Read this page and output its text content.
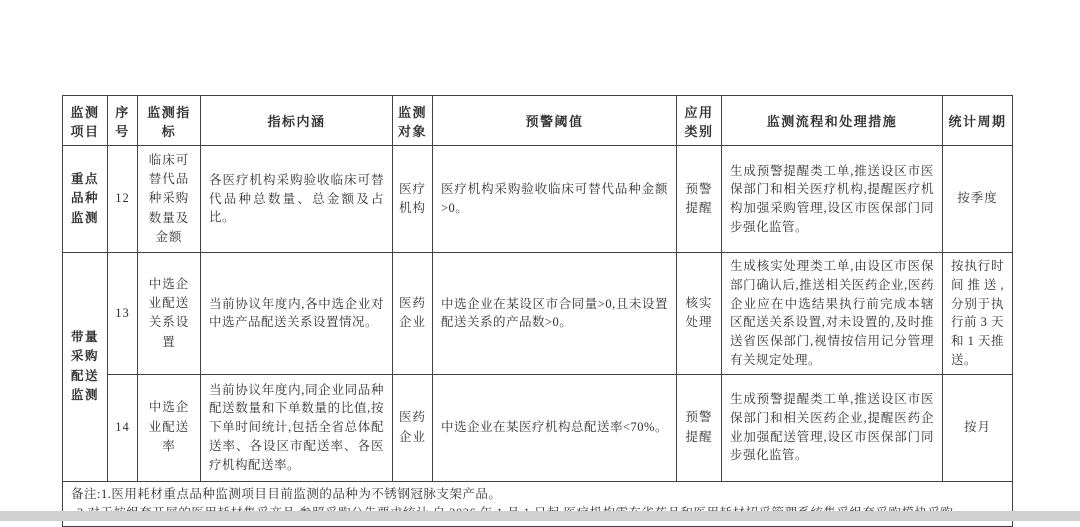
监测项目	序号	监测指标	指标内涵	监测对象	预警阈值	应用类别	监测流程和处理措施	统计周期
重点品种监测	12	临床可替代品种采购数量及金额	各医疗机构采购验收临床可替代品种总数量、总金额及占比。	医疗机构	医疗机构采购验收临床可替代品种金额>0。	预警提醒	生成预警提醒类工单,推送设区市医保部门和相关医疗机构,提醒医疗机构加强采购管理,设区市医保部门同步强化监管。	按季度
带量采购配送监测	13	中选企业配送关系设置	当前协议年度内,各中选企业对中选产品配送关系设置情况。	医药企业	中选企业在某设区市合同量>0,且未设置配送关系的产品数>0。	核实处理	生成核实处理类工单,由设区市医保部门确认后,推送相关医药企业,医药企业应在中选结果执行前完成本辖区配送关系设置,对未设置的,及时推送省医保部门,视情按信用记分管理有关规定处理。	按执行时间推送,分别于执行前 3 天和 1 天推送。
	14	中选企业配送率	当前协议年度内,同企业同品种配送数量和下单数量的比值,按下单时间统计,包括全省总体配送率、各设区市配送率、各医疗机构配送率。	医药企业	中选企业在某医疗机构总配送率<70%。	预警提醒	生成预警提醒类工单,推送设区市医保部门和相关医药企业,提醒医药企业加强配送管理,设区市医保部门同步强化监管。	按月

备注:1.医用耗材重点品种监测项目目前监测的品种为不锈钢冠脉支架产品。								
